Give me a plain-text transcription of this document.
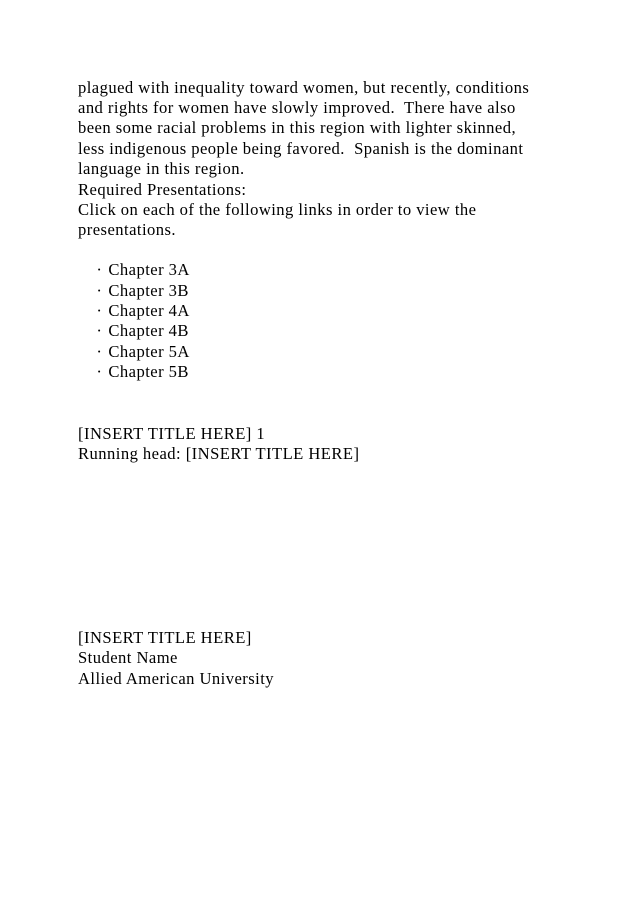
plagued with inequality toward women, but recently, conditions
and rights for women have slowly improved.  There have also
been some racial problems in this region with lighter skinned,
less indigenous people being favored.  Spanish is the dominant
language in this region.
Required Presentations:
Click on each of the following links in order to view the
presentations.

· Chapter 3A

· Chapter 3B

· Chapter 4A

· Chapter 4B

· Chapter 5A

· Chapter 5B

[INSERT TITLE HERE] 1
Running head: [INSERT TITLE HERE]
[INSERT TITLE HERE]
Student Name
Allied American University
